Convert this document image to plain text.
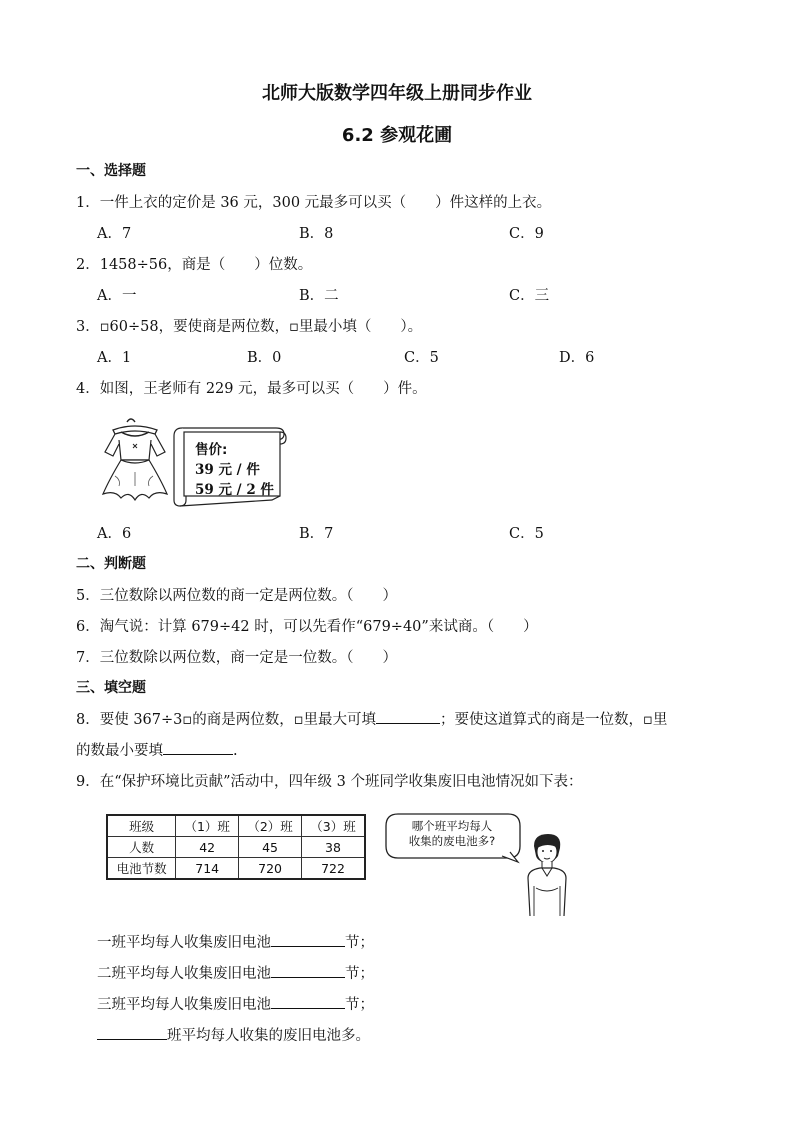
北师大版数学四年级上册同步作业
6.2 参观花圃
一、选择题
1．一件上衣的定价是 36 元，300 元最多可以买（　　）件这样的上衣。
A．7	B．8	C．9
2．1458÷56，商是（　　）位数。
A．一	B．二	C．三
3．▫60÷58，要使商是两位数，▫里最小填（　　）。
A．1	B．0	C．5	D．6
4．如图，王老师有 229 元，最多可以买（　　）件。
售价:
39 元 / 件
59 元 / 2 件
A．6	B．7	C．5
二、判断题
5．三位数除以两位数的商一定是两位数。（　　）
6．淘气说：计算 679÷42 时，可以先看作“679÷40”来试商。（　　）
7．三位数除以两位数，商一定是一位数。（　　）
三、填空题
8．要使 367÷3▫的商是两位数，▫里最大可填	；要使这道算式的商是一位数，▫里
的数最小要填	.
9．在“保护环境比贡献”活动中，四年级 3 个班同学收集废旧电池情况如下表：
班级	（1）班	（2）班	（3）班
人数	42	45	38
电池节数	714	720	722
哪个班平均每人
收集的废电池多?
一班平均每人收集废旧电池	节；
二班平均每人收集废旧电池	节；
三班平均每人收集废旧电池	节；
班平均每人收集的废旧电池多。
